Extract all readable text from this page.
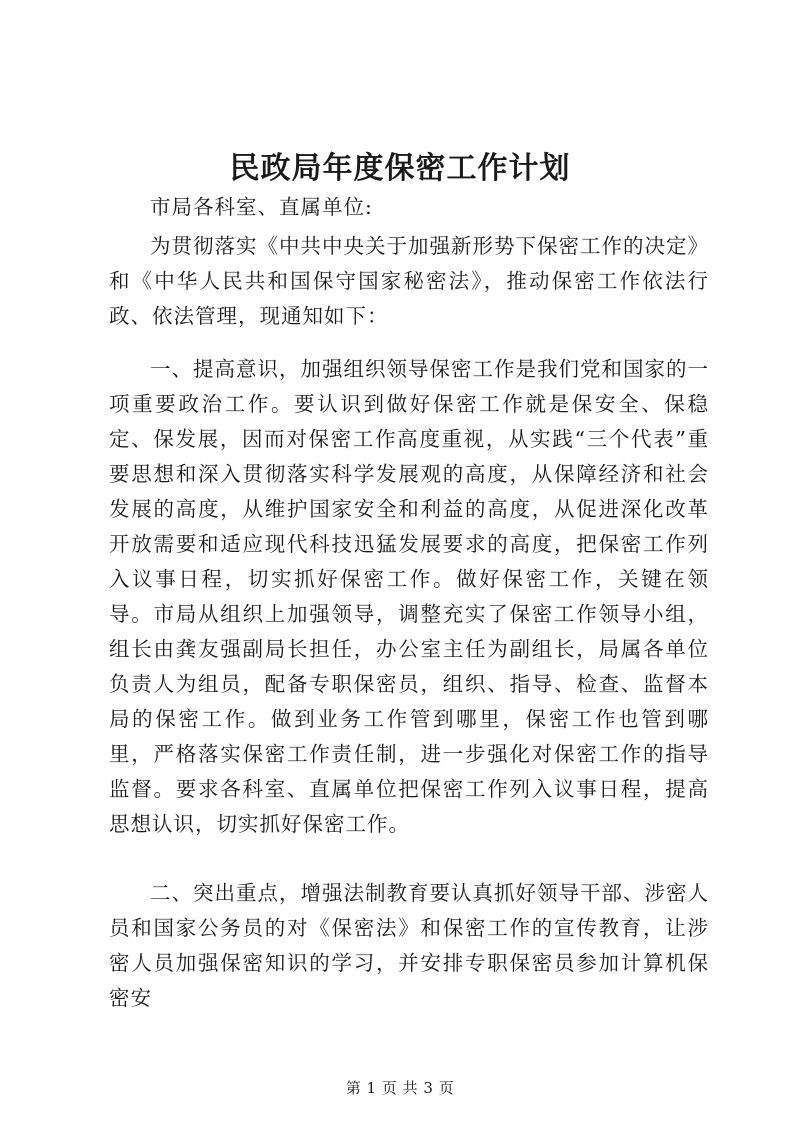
民政局年度保密工作计划

市局各科室、直属单位:

为贯彻落实《中共中央关于加强新形势下保密工作的决定》和《中华人民共和国保守国家秘密法》，推动保密工作依法行政、依法管理，现通知如下：

一、提高意识，加强组织领导保密工作是我们党和国家的一项重要政治工作。要认识到做好保密工作就是保安全、保稳定、保发展，因而对保密工作高度重视，从实践“三个代表”重要思想和深入贯彻落实科学发展观的高度，从保障经济和社会发展的高度，从维护国家安全和利益的高度，从促进深化改革开放需要和适应现代科技迅猛发展要求的高度，把保密工作列入议事日程，切实抓好保密工作。做好保密工作，关键在领导。市局从组织上加强领导，调整充实了保密工作领导小组，组长由龚友强副局长担任，办公室主任为副组长，局属各单位负责人为组员，配备专职保密员，组织、指导、检查、监督本局的保密工作。做到业务工作管到哪里，保密工作也管到哪里，严格落实保密工作责任制，进一步强化对保密工作的指导监督。要求各科室、直属单位把保密工作列入议事日程，提高思想认识，切实抓好保密工作。

二、突出重点，增强法制教育要认真抓好领导干部、涉密人员和国家公务员的对《保密法》和保密工作的宣传教育，让涉密人员加强保密知识的学习，并安排专职保密员参加计算机保密安

第 1 页 共 3 页
